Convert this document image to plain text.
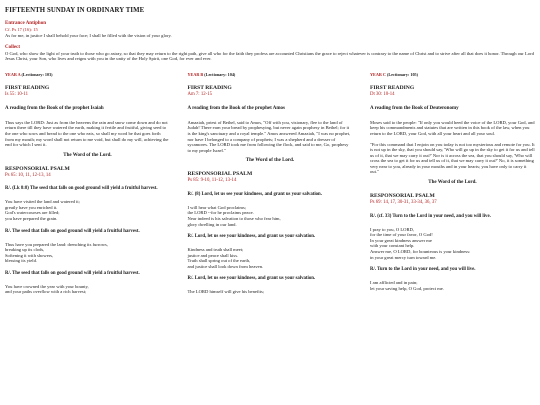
FIFTEENTH SUNDAY IN ORDINARY TIME
Entrance Antiphon
Cf. Ps 17 (16): 15

As for me, in justice I shall behold your face; I shall be filled with the vision of your glory.

Collect

O God, who show the light of your truth to those who go astray, so that they may return to the right path, give all who for the faith they profess are accounted Christians the grace to reject whatever is contrary to the name of Christ and to strive after all that does it honor. Through our Lord Jesus Christ, your Son, who lives and reigns with you in the unity of the Holy Spirit, one God, for ever and ever.

YEAR A (Lectionary: 103)
FIRST READING
Is 55: 10-11
A reading from the Book of the prophet Isaiah

Thus says the LORD: Just as from the heavens the rain and snow come down and do not return there till they have watered the earth, making it fertile and fruitful, giving seed to the one who sows and bread to the one who eats, so shall my word be that goes forth from my mouth; my word shall not return to me void, but shall do my will, achieving the end for which I sent it.

The Word of the Lord.
RESPONSORIAL PSALM
Ps 65: 10, 11, 12-13, 14
R/. (Lk 8:8) The seed that falls on good ground will yield a fruitful harvest.
You have visited the land and watered it;
greatly have you enriched it.
God's watercourses are filled;
you have prepared the grain.
R/. The seed that falls on good ground will yield a fruitful harvest.
Thus have you prepared the land: drenching its furrows,
breaking up its clods,
Softening it with showers,
blessing its yield.
R/. The seed that falls on good ground will yield a fruitful harvest.
You have crowned the year with your bounty,
and your paths overflow with a rich harvest;
YEAR B (Lectionary: 104)
FIRST READING
Am 7: 12-15
A reading from the Book of the prophet Amos

Amaziah, priest of Bethel, said to Amos, "Off with you, visionary, flee to the land of Judah! There earn your bread by prophesying, but never again prophesy in Bethel; for it is the king's sanctuary and a royal temple." Amos answered Amaziah, "I was no prophet, nor have I belonged to a company of prophets; I was a shepherd and a dresser of sycamores. The LORD took me from following the flock, and said to me, Go, prophesy to my people Israel."

The Word of the Lord.
RESPONSORIAL PSALM
Ps 85: 9-10, 11-12, 13-14
R/. (8) Lord, let us see your kindness, and grant us your salvation.
I will hear what God proclaims;
the LORD --for he proclaims peace.
Near indeed is his salvation to those who fear him,
glory dwelling in our land.
R/. Lord, let us see your kindness, and grant us your salvation.
Kindness and truth shall meet;
justice and peace shall kiss.
Truth shall spring out of the earth,
and justice shall look down from heaven.
R/. Lord, let us see your kindness, and grant us your salvation.
The LORD himself will give his benefits;
YEAR C (Lectionary: 105)
FIRST READING
Dt 30: 10-14
A reading from the Book of Deuteronomy

Moses said to the people: "If only you would heed the voice of the LORD, your God, and keep his commandments and statutes that are written in this book of the law, when you return to the LORD, your God, with all your heart and all your soul.

"For this command that I enjoin on you today is not too mysterious and remote for you. It is not up in the sky, that you should say, 'Who will go up in the sky to get it for us and tell us of it, that we may carry it out?' Nor is it across the sea, that you should say, 'Who will cross the sea to get it for us and tell us of it, that we may carry it out?' No, it is something very near to you, already in your mouths and in your hearts; you have only to carry it out."

The Word of the Lord.
RESPONSORIAL PSALM
Ps 69: 14, 17, 30-31, 33-34, 36, 37
R/. (cf. 33) Turn to the Lord in your need, and you will live.
I pray to you, O LORD,
for the time of your favor, O God!
In your great kindness answer me
with your constant help.
Answer me, O LORD, for bounteous is your kindness:
in your great mercy turn toward me.
R/. Turn to the Lord in your need, and you will live.
I am afflicted and in pain;
let your saving help, O God, protect me.
